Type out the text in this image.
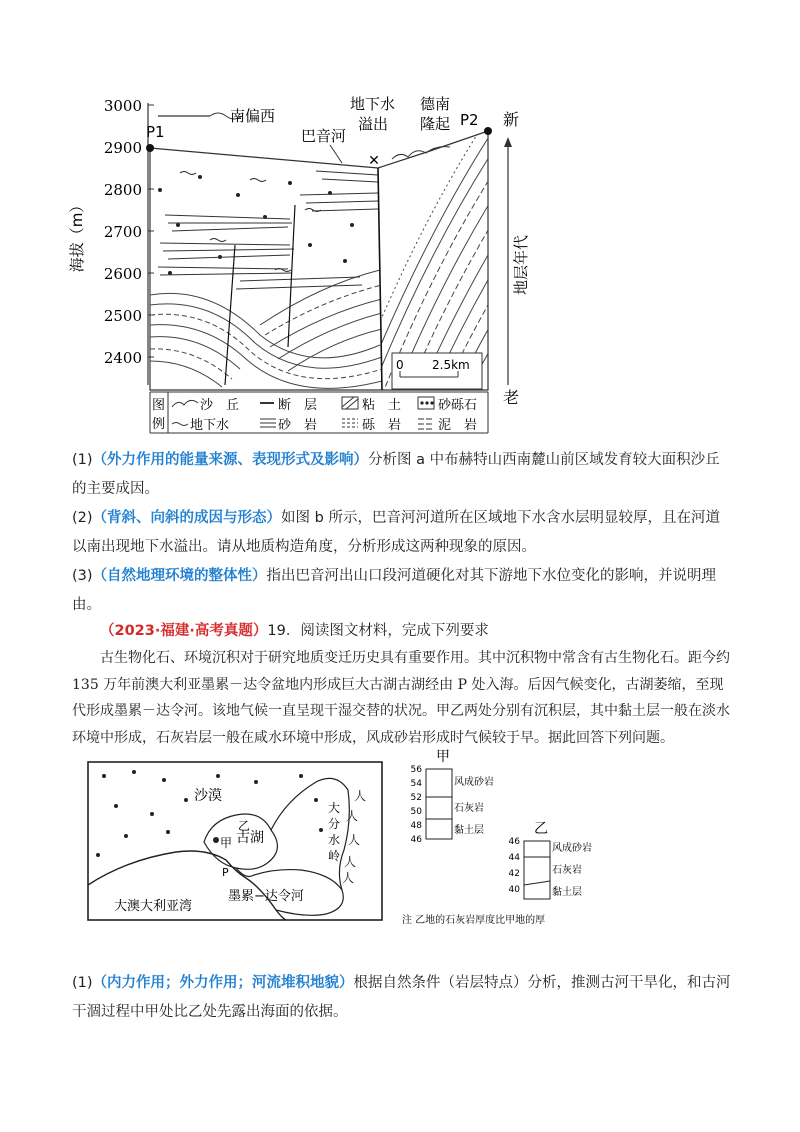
3000
2900
2800
2700
2600
2500
2400
海拔（m）
南偏西
P1
P2
巴音河
地下水
溢出
✕
德南
隆起
0 2.5km
新
老
地层年代
图
例
沙　丘	断　层	粘　土	砂砾石
地下水	砂　岩	砾　岩	泥　岩
(1)（外力作用的能量来源、表现形式及影响）分析图 a 中布赫特山西南麓山前区域发育较大面积沙丘的主要成因。
(2)（背斜、向斜的成因与形态）如图 b 所示，巴音河河道所在区域地下水含水层明显较厚，且在河道以南出现地下水溢出。请从地质构造角度，分析形成这两种现象的原因。
(3)（自然地理环境的整体性）指出巴音河出山口段河道硬化对其下游地下水位变化的影响，并说明理由。
（2023·福建·高考真题）19．阅读图文材料，完成下列要求
古生物化石、环境沉积对于研究地质变迁历史具有重要作用。其中沉积物中常含有古生物化石。距今约 135 万年前澳大利亚墨累－达令盆地内形成巨大古湖古湖经由 P 处入海。后因气候变化，古湖萎缩，至现代形成墨累－达令河。该地气候一直呈现干湿交替的状况。甲乙两处分别有沉积层，其中黏土层一般在淡水环境中形成，石灰岩层一般在咸水环境中形成，风成砂岩形成时气候较于早。据此回答下列问题。
人
人
人
人
人
沙漠
古湖
甲
乙
P
大澳大利亚湾
墨累−达令河
大
分
水
岭
甲
56
54
52
50
48
46
风成砂岩
石灰岩
黏土层	乙
46
44
42
40
风成砂岩
石灰岩
黏土层
注 乙地的石灰岩厚度比甲地的厚
(1)（内力作用；外力作用；河流堆积地貌）根据自然条件（岩层特点）分析，推测古河干旱化，和古河干涸过程中甲处比乙处先露出海面的依据。
